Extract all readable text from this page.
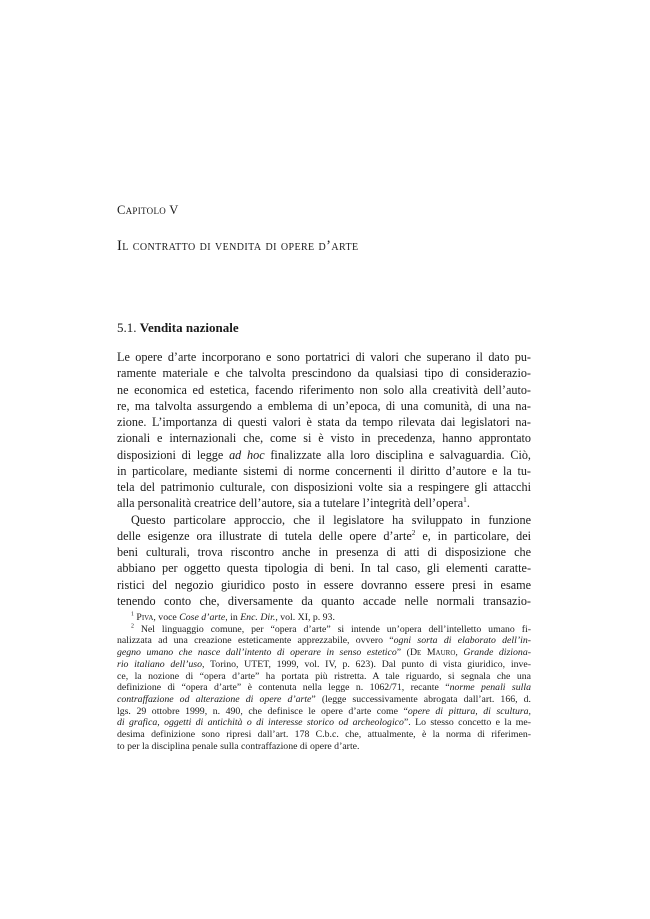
Capitolo V
Il contratto di vendita di opere d’arte
5.1. Vendita nazionale
Le opere d’arte incorporano e sono portatrici di valori che superano il dato pu-
ramente materiale e che talvolta prescindono da qualsiasi tipo di considerazio-
ne economica ed estetica, facendo riferimento non solo alla creatività dell’auto-
re, ma talvolta assurgendo a emblema di un’epoca, di una comunità, di una na-
zione. L’importanza di questi valori è stata da tempo rilevata dai legislatori na-
zionali e internazionali che, come si è visto in precedenza, hanno approntato
disposizioni di legge ad hoc finalizzate alla loro disciplina e salvaguardia. Ciò,
in particolare, mediante sistemi di norme concernenti il diritto d’autore e la tu-
tela del patrimonio culturale, con disposizioni volte sia a respingere gli attacchi
alla personalità creatrice dell’autore, sia a tutelare l’integrità dell’opera$^1$.
Questo particolare approccio, che il legislatore ha sviluppato in funzione
delle esigenze ora illustrate di tutela delle opere d’arte$^2$ e, in particolare, dei
beni culturali, trova riscontro anche in presenza di atti di disposizione che
abbiano per oggetto questa tipologia di beni. In tal caso, gli elementi caratte-
ristici del negozio giuridico posto in essere dovranno essere presi in esame
tenendo conto che, diversamente da quanto accade nelle normali transazio-
$^1$ Piva, voce Cose d’arte, in Enc. Dir., vol. XI, p. 93.
$^2$ Nel linguaggio comune, per “opera d’arte” si intende un’opera dell’intelletto umano fi-
nalizzata ad una creazione esteticamente apprezzabile, ovvero “ogni sorta di elaborato dell’in-
gegno umano che nasce dall’intento di operare in senso estetico” (De Mauro, Grande diziona-
rio italiano dell’uso, Torino, UTET, 1999, vol. IV, p. 623). Dal punto di vista giuridico, inve-
ce, la nozione di “opera d’arte” ha portata più ristretta. A tale riguardo, si segnala che una
definizione di “opera d’arte” è contenuta nella legge n. 1062/71, recante “norme penali sulla
contraffazione od alterazione di opere d’arte” (legge successivamente abrogata dall’art. 166, d.
lgs. 29 ottobre 1999, n. 490, che definisce le opere d’arte come “opere di pittura, di scultura,
di grafica, oggetti di antichità o di interesse storico od archeologico”. Lo stesso concetto e la me-
desima definizione sono ripresi dall’art. 178 C.b.c. che, attualmente, è la norma di riferimen-
to per la disciplina penale sulla contraffazione di opere d’arte.
